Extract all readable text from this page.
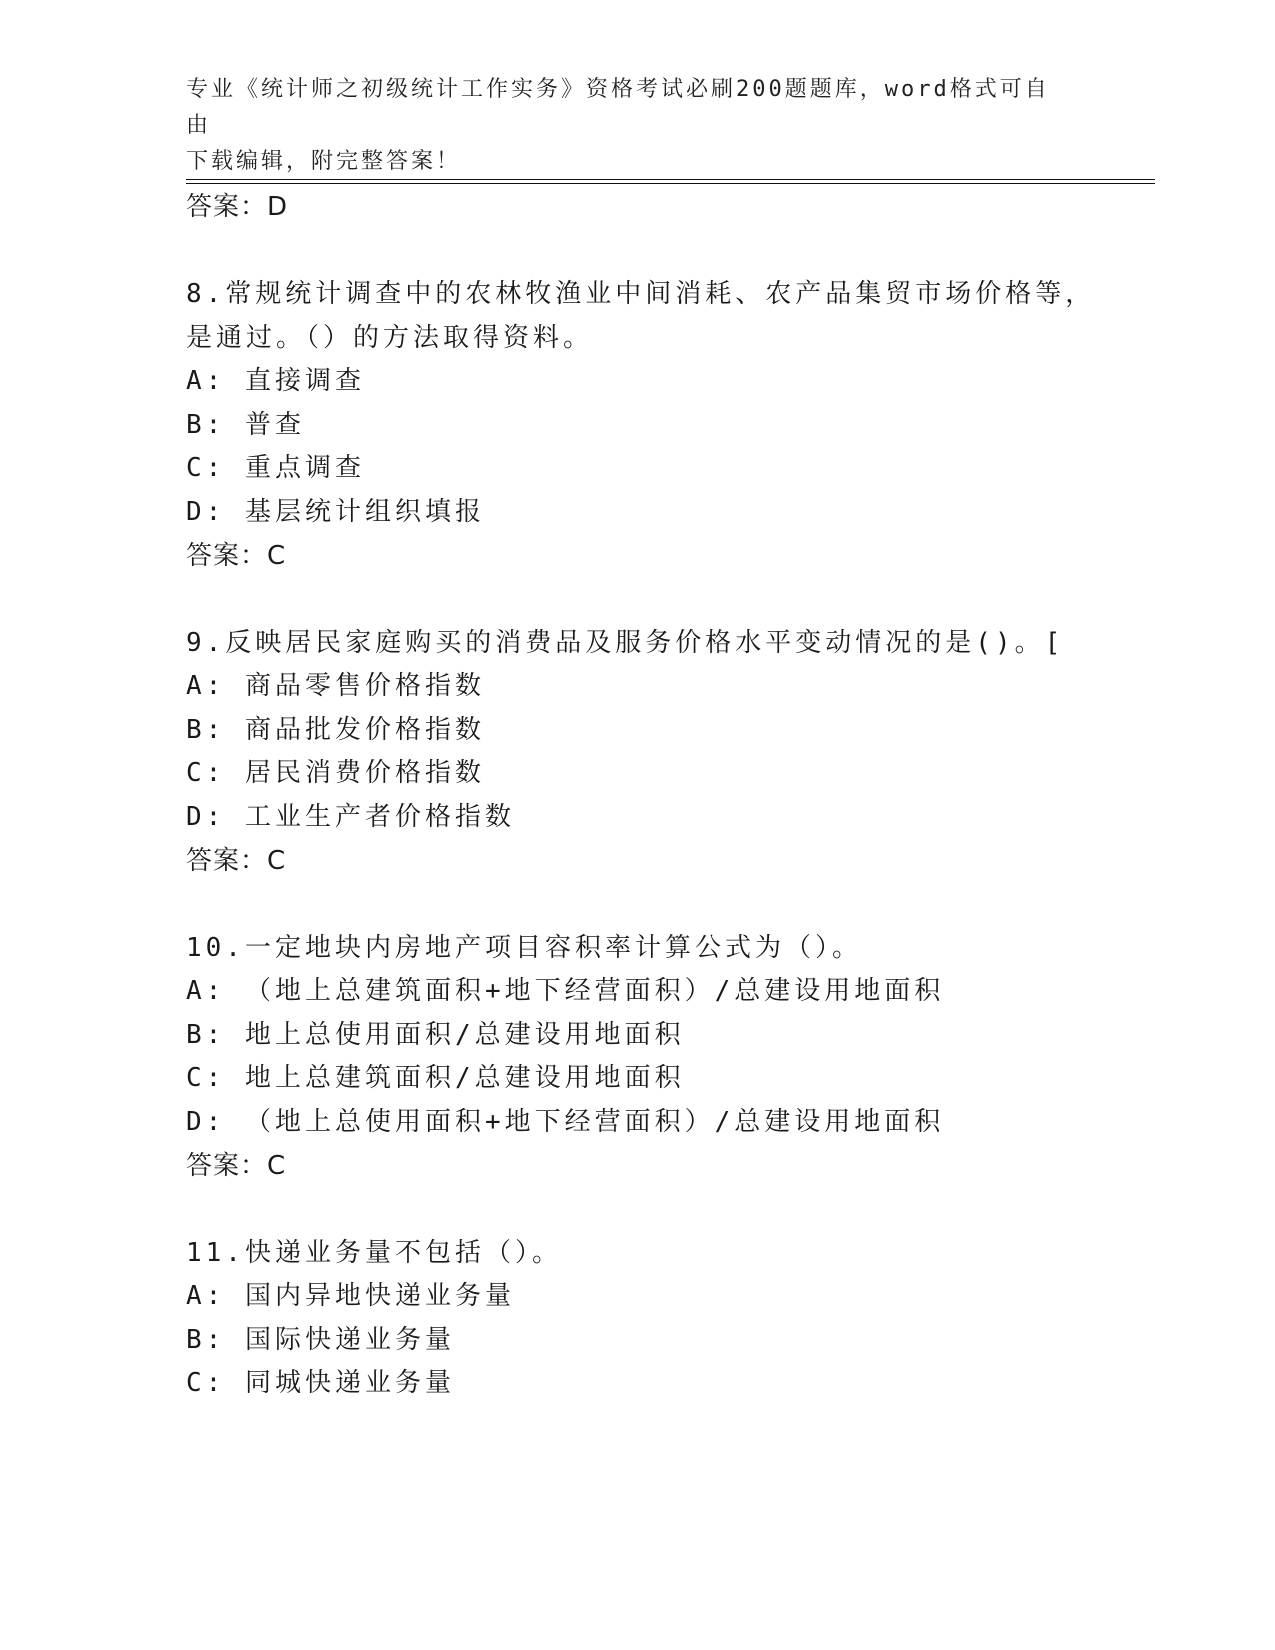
专业《统计师之初级统计工作实务》资格考试必刷200题题库，word格式可自由
下载编辑，附完整答案！
答案：D
8.常规统计调查中的农林牧渔业中间消耗、农产品集贸市场价格等，
是通过。（）的方法取得资料。
A: 直接调查
B: 普查
C: 重点调查
D: 基层统计组织填报
答案：C
9.反映居民家庭购买的消费品及服务价格水平变动情况的是()。[
A: 商品零售价格指数
B: 商品批发价格指数
C: 居民消费价格指数
D: 工业生产者价格指数
答案：C
10.一定地块内房地产项目容积率计算公式为（）。
A: （地上总建筑面积+地下经营面积）/总建设用地面积
B: 地上总使用面积/总建设用地面积
C: 地上总建筑面积/总建设用地面积
D: （地上总使用面积+地下经营面积）/总建设用地面积
答案：C
11.快递业务量不包括（）。
A: 国内异地快递业务量
B: 国际快递业务量
C: 同城快递业务量
